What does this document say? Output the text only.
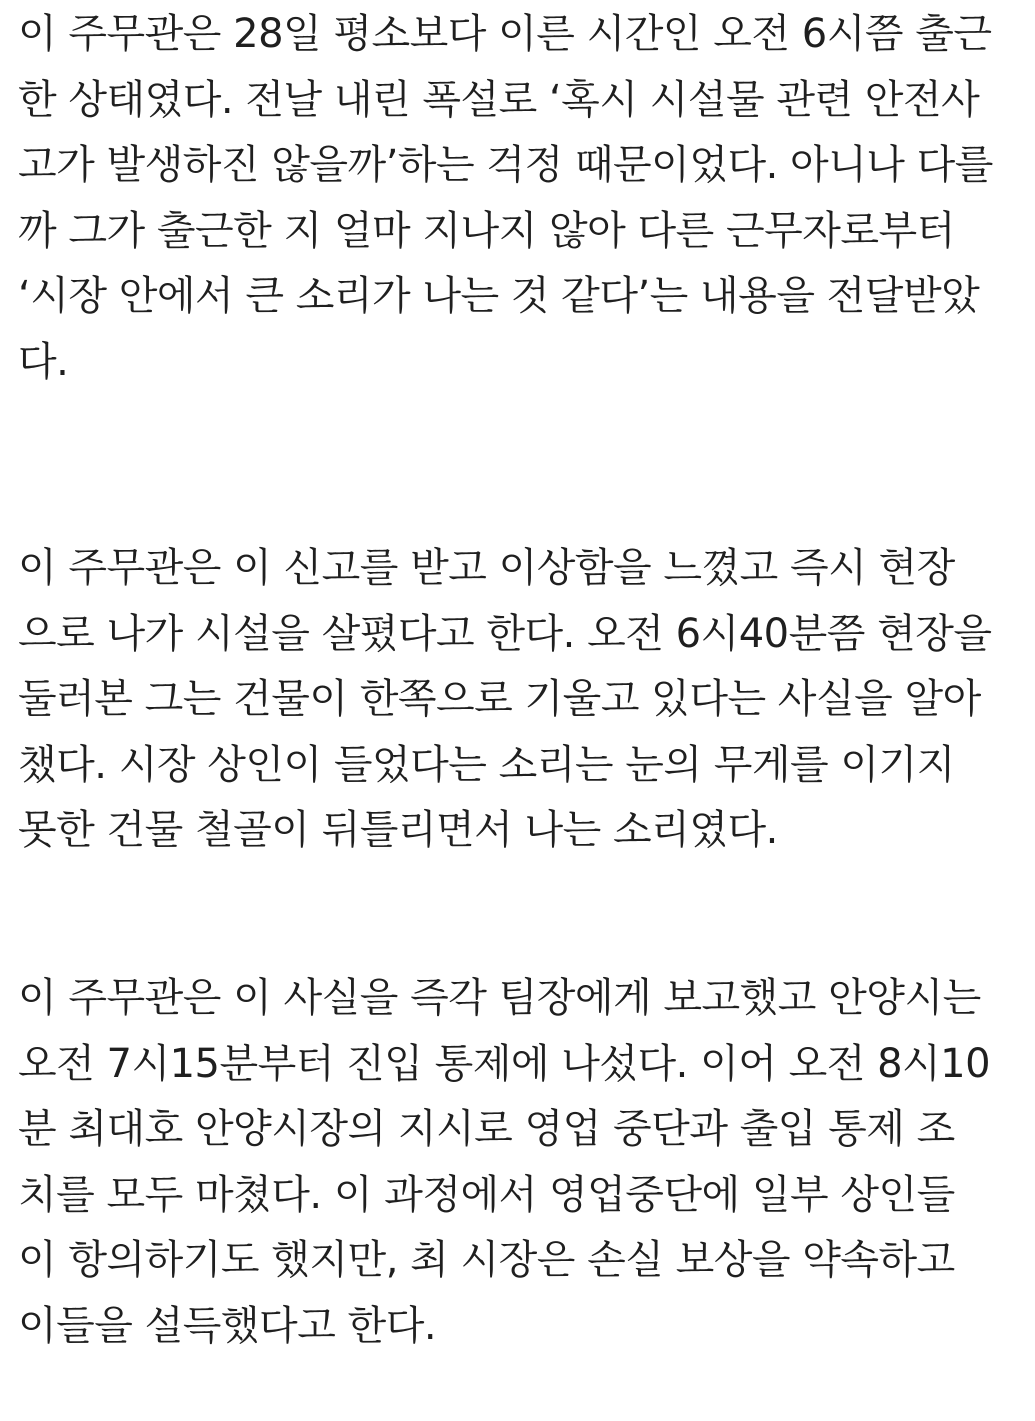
이 주무관은 28일 평소보다 이른 시간인 오전 6시쯤 출근
한 상태였다. 전날 내린 폭설로 ‘혹시 시설물 관련 안전사
고가 발생하진 않을까’하는 걱정 때문이었다. 아니나 다를
까 그가 출근한 지 얼마 지나지 않아 다른 근무자로부터
‘시장 안에서 큰 소리가 나는 것 같다’는 내용을 전달받았
다.
이 주무관은 이 신고를 받고 이상함을 느꼈고 즉시 현장
으로 나가 시설을 살폈다고 한다. 오전 6시40분쯤 현장을
둘러본 그는 건물이 한쪽으로 기울고 있다는 사실을 알아
챘다. 시장 상인이 들었다는 소리는 눈의 무게를 이기지
못한 건물 철골이 뒤틀리면서 나는 소리였다.
이 주무관은 이 사실을 즉각 팀장에게 보고했고 안양시는
오전 7시15분부터 진입 통제에 나섰다. 이어 오전 8시10
분 최대호 안양시장의 지시로 영업 중단과 출입 통제 조
치를 모두 마쳤다. 이 과정에서 영업중단에 일부 상인들
이 항의하기도 했지만, 최 시장은 손실 보상을 약속하고
이들을 설득했다고 한다.
